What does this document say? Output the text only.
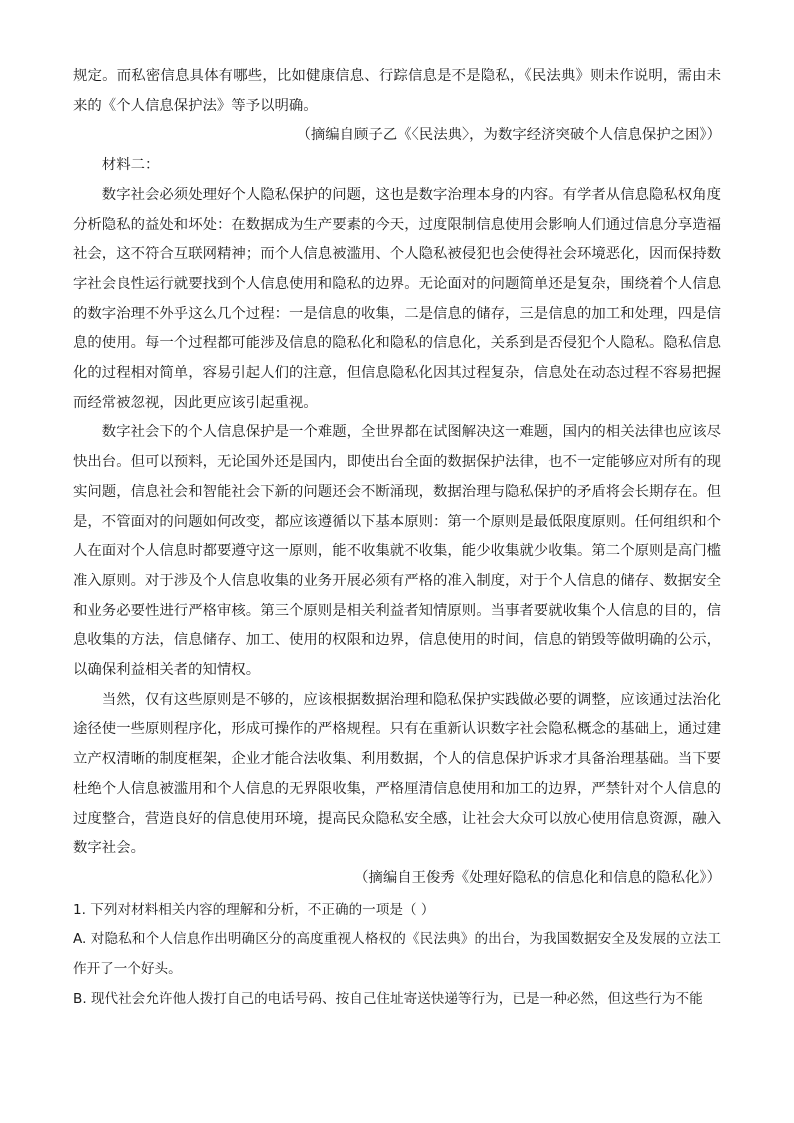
规定。而私密信息具体有哪些，比如健康信息、行踪信息是不是隐私，《民法典》则未作说明，需由未来的《个人信息保护法》等予以明确。

（摘编自顾子乙《〈民法典〉，为数字经济突破个人信息保护之困》）

材料二：

数字社会必须处理好个人隐私保护的问题，这也是数字治理本身的内容。有学者从信息隐私权角度分析隐私的益处和坏处：在数据成为生产要素的今天，过度限制信息使用会影响人们通过信息分享造福社会，这不符合互联网精神；而个人信息被滥用、个人隐私被侵犯也会使得社会环境恶化，因而保持数字社会良性运行就要找到个人信息使用和隐私的边界。无论面对的问题简单还是复杂，围绕着个人信息的数字治理不外乎这么几个过程：一是信息的收集，二是信息的储存，三是信息的加工和处理，四是信息的使用。每一个过程都可能涉及信息的隐私化和隐私的信息化，关系到是否侵犯个人隐私。隐私信息化的过程相对简单，容易引起人们的注意，但信息隐私化因其过程复杂，信息处在动态过程不容易把握而经常被忽视，因此更应该引起重视。

数字社会下的个人信息保护是一个难题，全世界都在试图解决这一难题，国内的相关法律也应该尽快出台。但可以预料，无论国外还是国内，即使出台全面的数据保护法律，也不一定能够应对所有的现实问题，信息社会和智能社会下新的问题还会不断涌现，数据治理与隐私保护的矛盾将会长期存在。但是，不管面对的问题如何改变，都应该遵循以下基本原则：第一个原则是最低限度原则。任何组织和个人在面对个人信息时都要遵守这一原则，能不收集就不收集，能少收集就少收集。第二个原则是高门槛准入原则。对于涉及个人信息收集的业务开展必须有严格的准入制度，对于个人信息的储存、数据安全和业务必要性进行严格审核。第三个原则是相关利益者知情原则。当事者要就收集个人信息的目的，信息收集的方法，信息储存、加工、使用的权限和边界，信息使用的时间，信息的销毁等做明确的公示，以确保利益相关者的知情权。

当然，仅有这些原则是不够的，应该根据数据治理和隐私保护实践做必要的调整，应该通过法治化途径使一些原则程序化，形成可操作的严格规程。只有在重新认识数字社会隐私概念的基础上，通过建立产权清晰的制度框架，企业才能合法收集、利用数据，个人的信息保护诉求才具备治理基础。当下要杜绝个人信息被滥用和个人信息的无界限收集，严格厘清信息使用和加工的边界，严禁针对个人信息的过度整合，营造良好的信息使用环境，提高民众隐私安全感，让社会大众可以放心使用信息资源，融入数字社会。

（摘编自王俊秀《处理好隐私的信息化和信息的隐私化》）

1. 下列对材料相关内容的理解和分析，不正确的一项是（ ）

A. 对隐私和个人信息作出明确区分的高度重视人格权的《民法典》的出台，为我国数据安全及发展的立法工作开了一个好头。

B. 现代社会允许他人拨打自己的电话号码、按自己住址寄送快递等行为，已是一种必然，但这些行为不能
